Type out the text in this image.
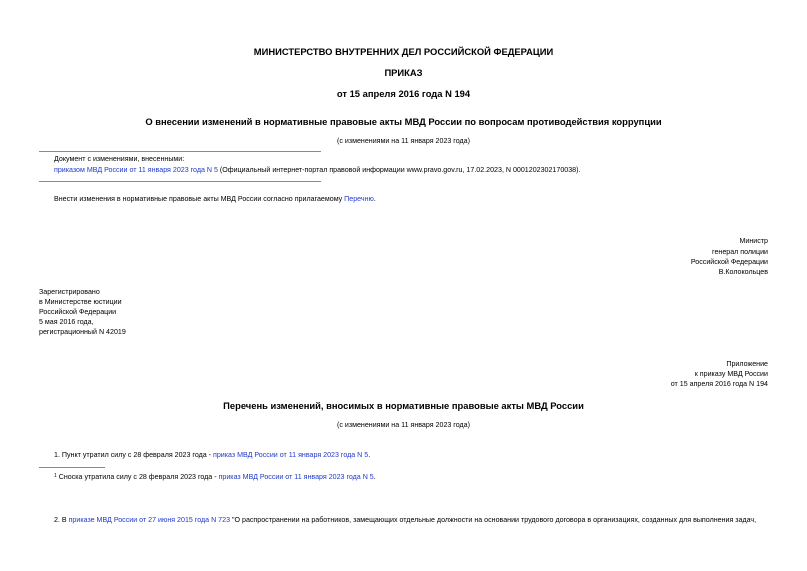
МИНИСТЕРСТВО ВНУТРЕННИХ ДЕЛ РОССИЙСКОЙ ФЕДЕРАЦИИ
ПРИКАЗ
от 15 апреля 2016 года N 194
О внесении изменений в нормативные правовые акты МВД России по вопросам противодействия коррупции
(с изменениями на 11 января 2023 года)
Документ с изменениями, внесенными:
приказом МВД России от 11 января 2023 года N 5 (Официальный интернет-портал правовой информации www.pravo.gov.ru, 17.02.2023, N 0001202302170038).
Внести изменения в нормативные правовые акты МВД России согласно прилагаемому Перечню.
Министр
генерал полиции
Российской Федерации
В.Колокольцев
Зарегистрировано
в Министерстве юстиции
Российской Федерации
5 мая 2016 года,
регистрационный N 42019
Приложение
к приказу МВД России
от 15 апреля 2016 года N 194
Перечень изменений, вносимых в нормативные правовые акты МВД России
(с изменениями на 11 января 2023 года)
1. Пункт утратил силу с 28 февраля 2023 года - приказ МВД России от 11 января 2023 года N 5.
$^1$ Сноска утратила силу с 28 февраля 2023 года - приказ МВД России от 11 января 2023 года N 5.
2. В приказе МВД России от 27 июня 2015 года N 723 "О распространении на работников, замещающих отдельные должности на основании трудового договора в организациях, созданных для выполнения задач,
